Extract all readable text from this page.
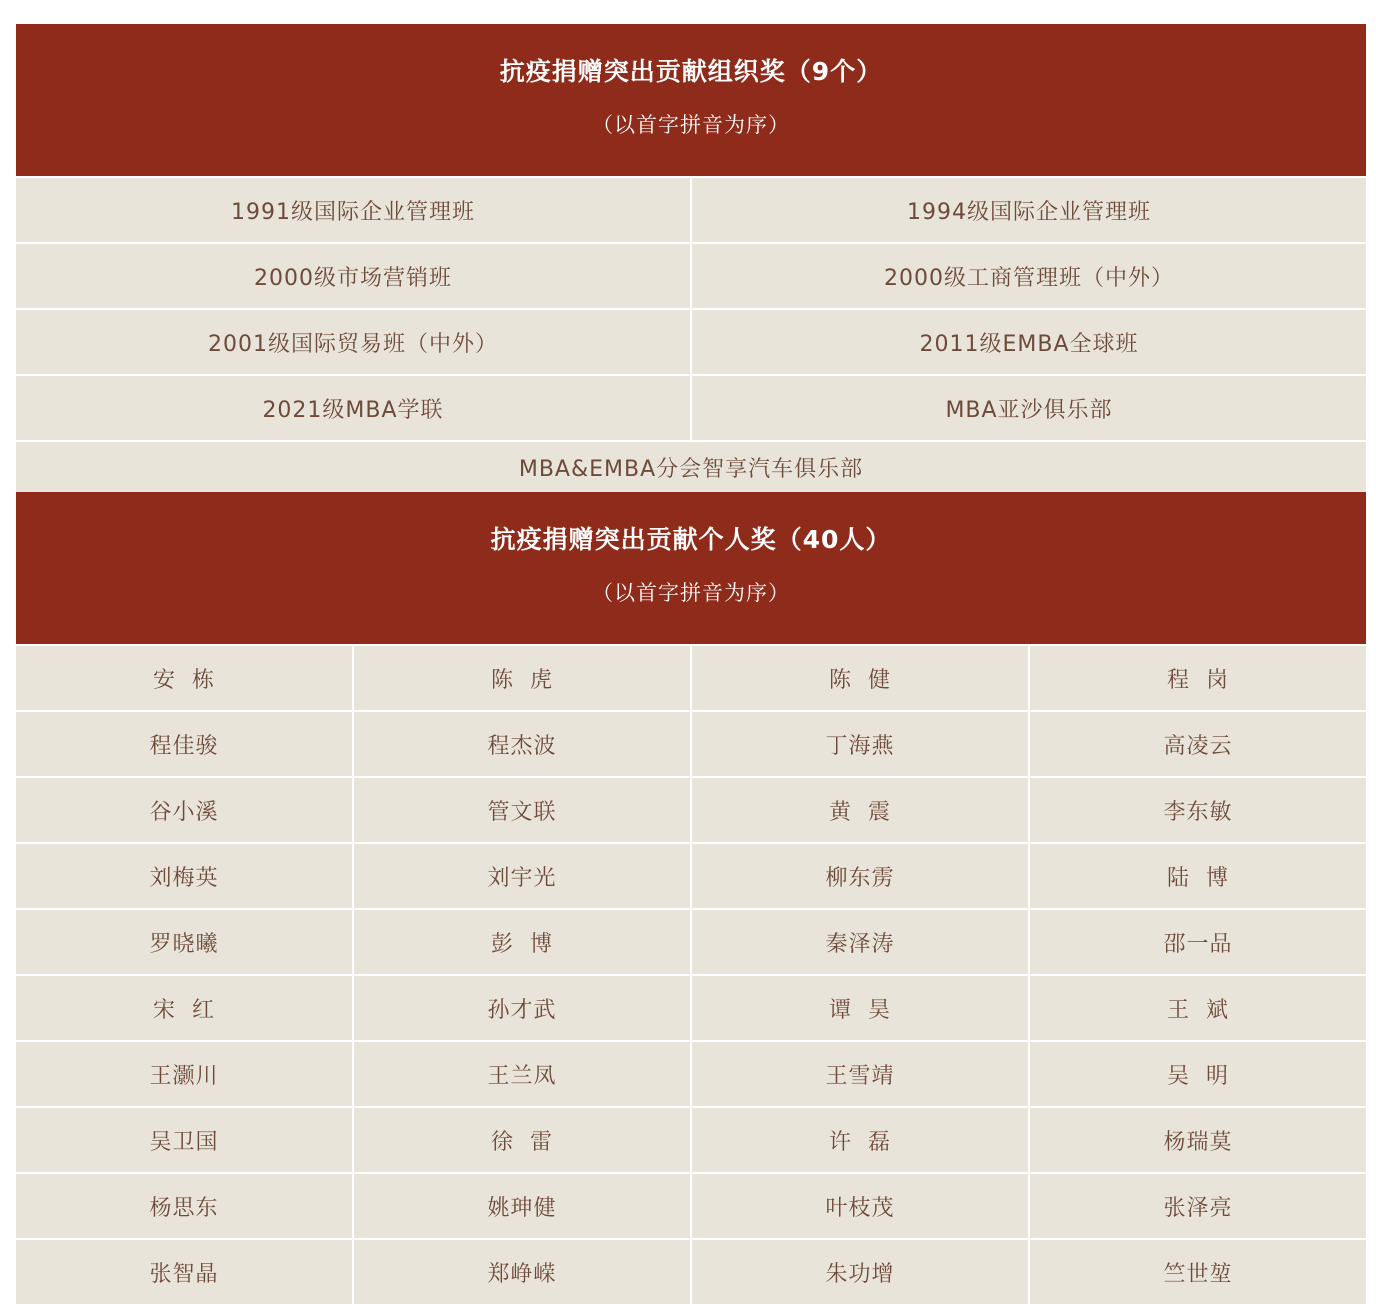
抗疫捐赠突出贡献组织奖（9个）
（以首字拼音为序）
1991级国际企业管理班	1994级国际企业管理班
2000级市场营销班	2000级工商管理班（中外）
2001级国际贸易班（中外）	2011级EMBA全球班
2021级MBA学联	MBA亚沙俱乐部
MBA&EMBA分会智享汽车俱乐部
抗疫捐赠突出贡献个人奖（40人）
（以首字拼音为序）
安  栋	陈  虎	陈  健	程  岗
程佳骏	程杰波	丁海燕	高凌云
谷小溪	管文联	黄  震	李东敏
刘梅英	刘宇光	柳东雳	陆  博
罗晓曦	彭  博	秦泽涛	邵一品
宋  红	孙才武	谭  昊	王  斌
王灏川	王兰凤	王雪靖	吴  明
吴卫国	徐  雷	许  磊	杨瑞莫
杨思东	姚珅健	叶枝茂	张泽亮
张智晶	郑峥嵘	朱功增	竺世堃
